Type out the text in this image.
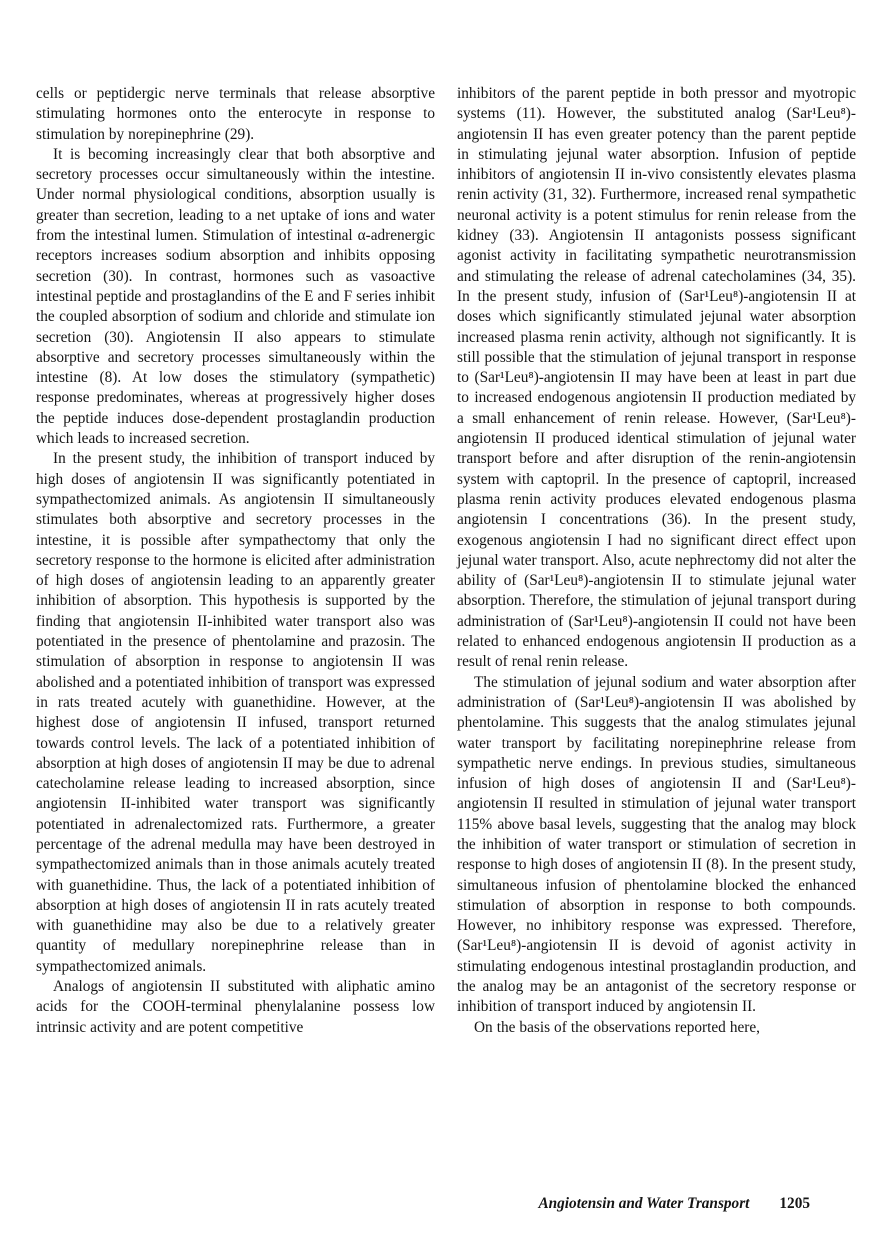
cells or peptidergic nerve terminals that release absorptive stimulating hormones onto the enterocyte in response to stimulation by norepinephrine (29).

It is becoming increasingly clear that both absorptive and secretory processes occur simultaneously within the intestine. Under normal physiological conditions, absorption usually is greater than secretion, leading to a net uptake of ions and water from the intestinal lumen. Stimulation of intestinal α-adrenergic receptors increases sodium absorption and inhibits opposing secretion (30). In contrast, hormones such as vasoactive intestinal peptide and prostaglandins of the E and F series inhibit the coupled absorption of sodium and chloride and stimulate ion secretion (30). Angiotensin II also appears to stimulate absorptive and secretory processes simultaneously within the intestine (8). At low doses the stimulatory (sympathetic) response predominates, whereas at progressively higher doses the peptide induces dose-dependent prostaglandin production which leads to increased secretion.

In the present study, the inhibition of transport induced by high doses of angiotensin II was significantly potentiated in sympathectomized animals. As angiotensin II simultaneously stimulates both absorptive and secretory processes in the intestine, it is possible after sympathectomy that only the secretory response to the hormone is elicited after administration of high doses of angiotensin leading to an apparently greater inhibition of absorption. This hypothesis is supported by the finding that angiotensin II-inhibited water transport also was potentiated in the presence of phentolamine and prazosin. The stimulation of absorption in response to angiotensin II was abolished and a potentiated inhibition of transport was expressed in rats treated acutely with guanethidine. However, at the highest dose of angiotensin II infused, transport returned towards control levels. The lack of a potentiated inhibition of absorption at high doses of angiotensin II may be due to adrenal catecholamine release leading to increased absorption, since angiotensin II-inhibited water transport was significantly potentiated in adrenalectomized rats. Furthermore, a greater percentage of the adrenal medulla may have been destroyed in sympathectomized animals than in those animals acutely treated with guanethidine. Thus, the lack of a potentiated inhibition of absorption at high doses of angiotensin II in rats acutely treated with guanethidine may also be due to a relatively greater quantity of medullary norepinephrine release than in sympathectomized animals.

Analogs of angiotensin II substituted with aliphatic amino acids for the COOH-terminal phenylalanine possess low intrinsic activity and are potent competitive

inhibitors of the parent peptide in both pressor and myotropic systems (11). However, the substituted analog (Sar¹Leu⁸)-angiotensin II has even greater potency than the parent peptide in stimulating jejunal water absorption. Infusion of peptide inhibitors of angiotensin II in-vivo consistently elevates plasma renin activity (31, 32). Furthermore, increased renal sympathetic neuronal activity is a potent stimulus for renin release from the kidney (33). Angiotensin II antagonists possess significant agonist activity in facilitating sympathetic neurotransmission and stimulating the release of adrenal catecholamines (34, 35). In the present study, infusion of (Sar¹Leu⁸)-angiotensin II at doses which significantly stimulated jejunal water absorption increased plasma renin activity, although not significantly. It is still possible that the stimulation of jejunal transport in response to (Sar¹Leu⁸)-angiotensin II may have been at least in part due to increased endogenous angiotensin II production mediated by a small enhancement of renin release. However, (Sar¹Leu⁸)-angiotensin II produced identical stimulation of jejunal water transport before and after disruption of the renin-angiotensin system with captopril. In the presence of captopril, increased plasma renin activity produces elevated endogenous plasma angiotensin I concentrations (36). In the present study, exogenous angiotensin I had no significant direct effect upon jejunal water transport. Also, acute nephrectomy did not alter the ability of (Sar¹Leu⁸)-angiotensin II to stimulate jejunal water absorption. Therefore, the stimulation of jejunal transport during administration of (Sar¹Leu⁸)-angiotensin II could not have been related to enhanced endogenous angiotensin II production as a result of renal renin release.

The stimulation of jejunal sodium and water absorption after administration of (Sar¹Leu⁸)-angiotensin II was abolished by phentolamine. This suggests that the analog stimulates jejunal water transport by facilitating norepinephrine release from sympathetic nerve endings. In previous studies, simultaneous infusion of high doses of angiotensin II and (Sar¹Leu⁸)-angiotensin II resulted in stimulation of jejunal water transport 115% above basal levels, suggesting that the analog may block the inhibition of water transport or stimulation of secretion in response to high doses of angiotensin II (8). In the present study, simultaneous infusion of phentolamine blocked the enhanced stimulation of absorption in response to both compounds. However, no inhibitory response was expressed. Therefore, (Sar¹Leu⁸)-angiotensin II is devoid of agonist activity in stimulating endogenous intestinal prostaglandin production, and the analog may be an antagonist of the secretory response or inhibition of transport induced by angiotensin II.

On the basis of the observations reported here,

Angiotensin and Water Transport 1205
